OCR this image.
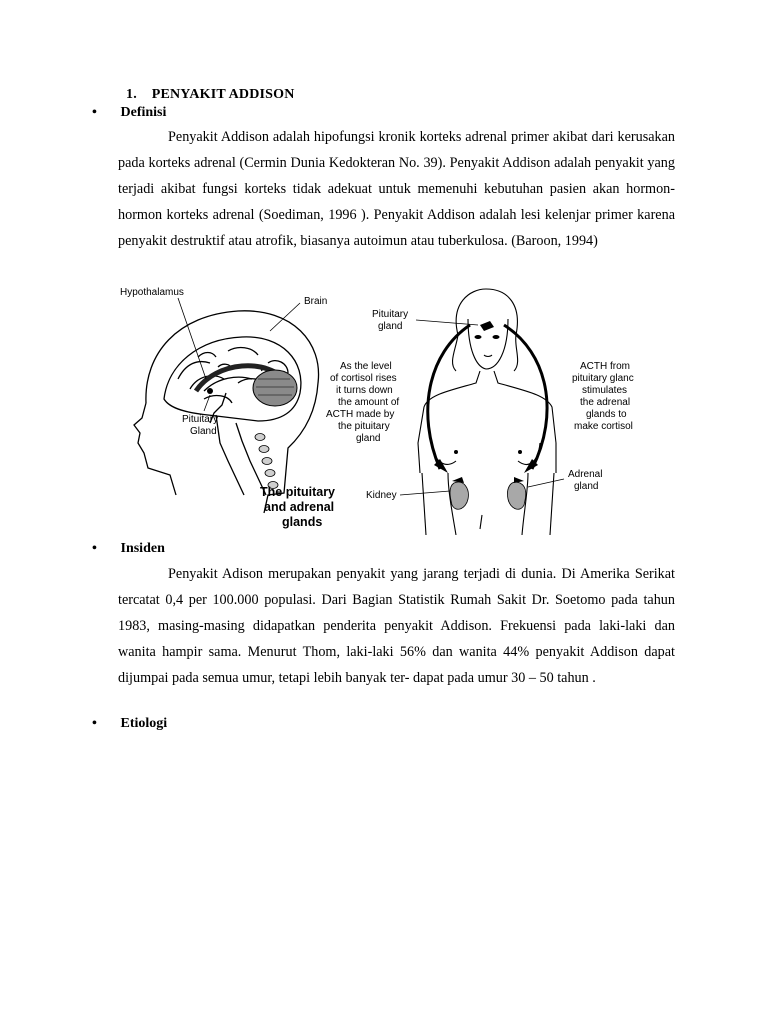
1. PENYAKIT ADDISON
• Definisi

Penyakit Addison adalah hipofungsi kronik korteks adrenal primer akibat dari kerusakan pada korteks adrenal (Cermin Dunia Kedokteran No. 39). Penyakit Addison adalah penyakit yang terjadi akibat fungsi korteks tidak adekuat untuk memenuhi kebutuhan pasien akan hormon-hormon korteks adrenal (Soediman, 1996 ). Penyakit Addison adalah lesi kelenjar primer karena penyakit destruktif atau atrofik, biasanya autoimun atau tuberkulosa. (Baroon, 1994)

Hypothalamus
Brain
Pituitary
Gland
The pituitary
and adrenal
glands
Pituitary
gland
As the level
of cortisol rises
it turns down
the amount of
ACTH made by
the pituitary
gland
ACTH from
pituitary glanc
stimulates
the adrenal
glands to
make cortisol
Adrenal
gland
Kidney
• Insiden

Penyakit Adison merupakan penyakit yang jarang terjadi di dunia. Di Amerika Serikat tercatat 0,4 per 100.000 populasi. Dari Bagian Statistik Rumah Sakit Dr. Soetomo pada tahun 1983, masing-masing didapatkan penderita penyakit Addison. Frekuensi pada laki-laki dan wanita hampir sama. Menurut Thom, laki-laki 56% dan wanita 44% penyakit Addison dapat dijumpai pada semua umur, tetapi lebih banyak ter- dapat pada umur 30 – 50 tahun .

• Etiologi
